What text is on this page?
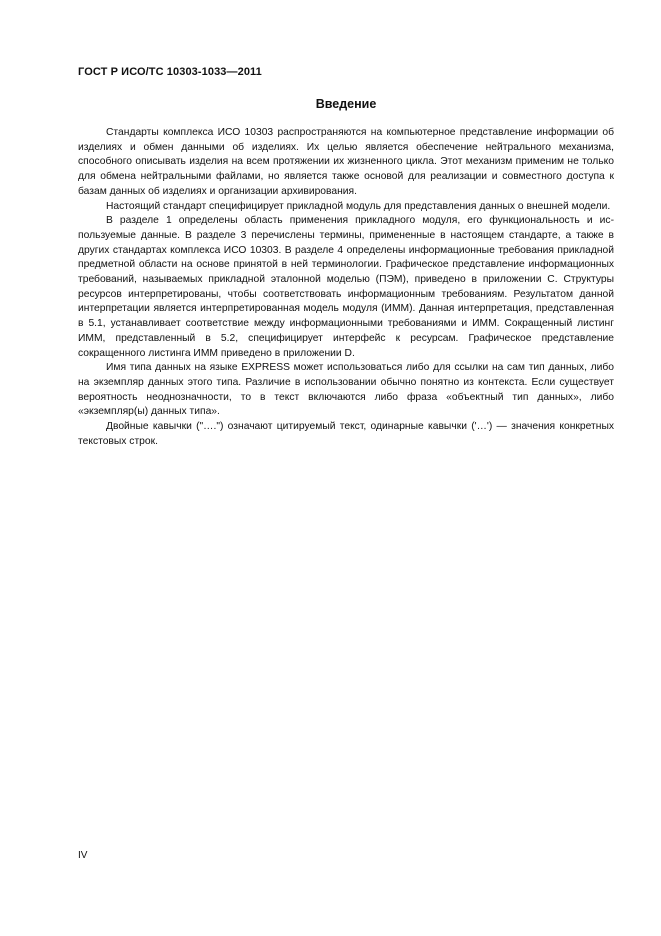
ГОСТ Р ИСО/ТС 10303-1033—2011
Введение

Стандарты комплекса ИСО 10303 распространяются на компьютерное представление информации об изделиях и обмен данными об изделиях. Их целью является обеспечение нейтрального механизма, способного описывать изделия на всем протяжении их жизненного цикла. Этот механизм применим не только для обмена нейтральными файлами, но является также основой для реализации и совместного доступа к базам данных об изделиях и организации архивирования.

Настоящий стандарт специфицирует прикладной модуль для представления данных о внешней модели.

В разделе 1 определены область применения прикладного модуля, его функциональность и используемые данные. В разделе 3 перечислены термины, примененные в настоящем стандарте, а также в других стандартах комплекса ИСО 10303. В разделе 4 определены информационные требования прикладной предметной области на основе принятой в ней терминологии. Графическое представление информационных требований, называемых прикладной эталонной моделью (ПЭМ), приведено в приложении С. Структуры ресурсов интерпретированы, чтобы соответствовать информационным требованиям. Результатом данной интерпретации является интерпретированная модель модуля (ИММ). Данная интерпретация, представленная в 5.1, устанавливает соответствие между информационными требованиями и ИММ. Сокращенный листинг ИММ, представленный в 5.2, специфицирует интерфейс к ресурсам. Графическое представление сокращенного листинга ИММ приведено в приложении D.

Имя типа данных на языке EXPRESS может использоваться либо для ссылки на сам тип данных, либо на экземпляр данных этого типа. Различие в использовании обычно понятно из контекста. Если существует вероятность неоднозначности, то в текст включаются либо фраза «объектный тип данных», либо «экземпляр(ы) данных типа».

Двойные кавычки ("….") означают цитируемый текст, одинарные кавычки ('…') — значения конкретных текстовых строк.

IV
